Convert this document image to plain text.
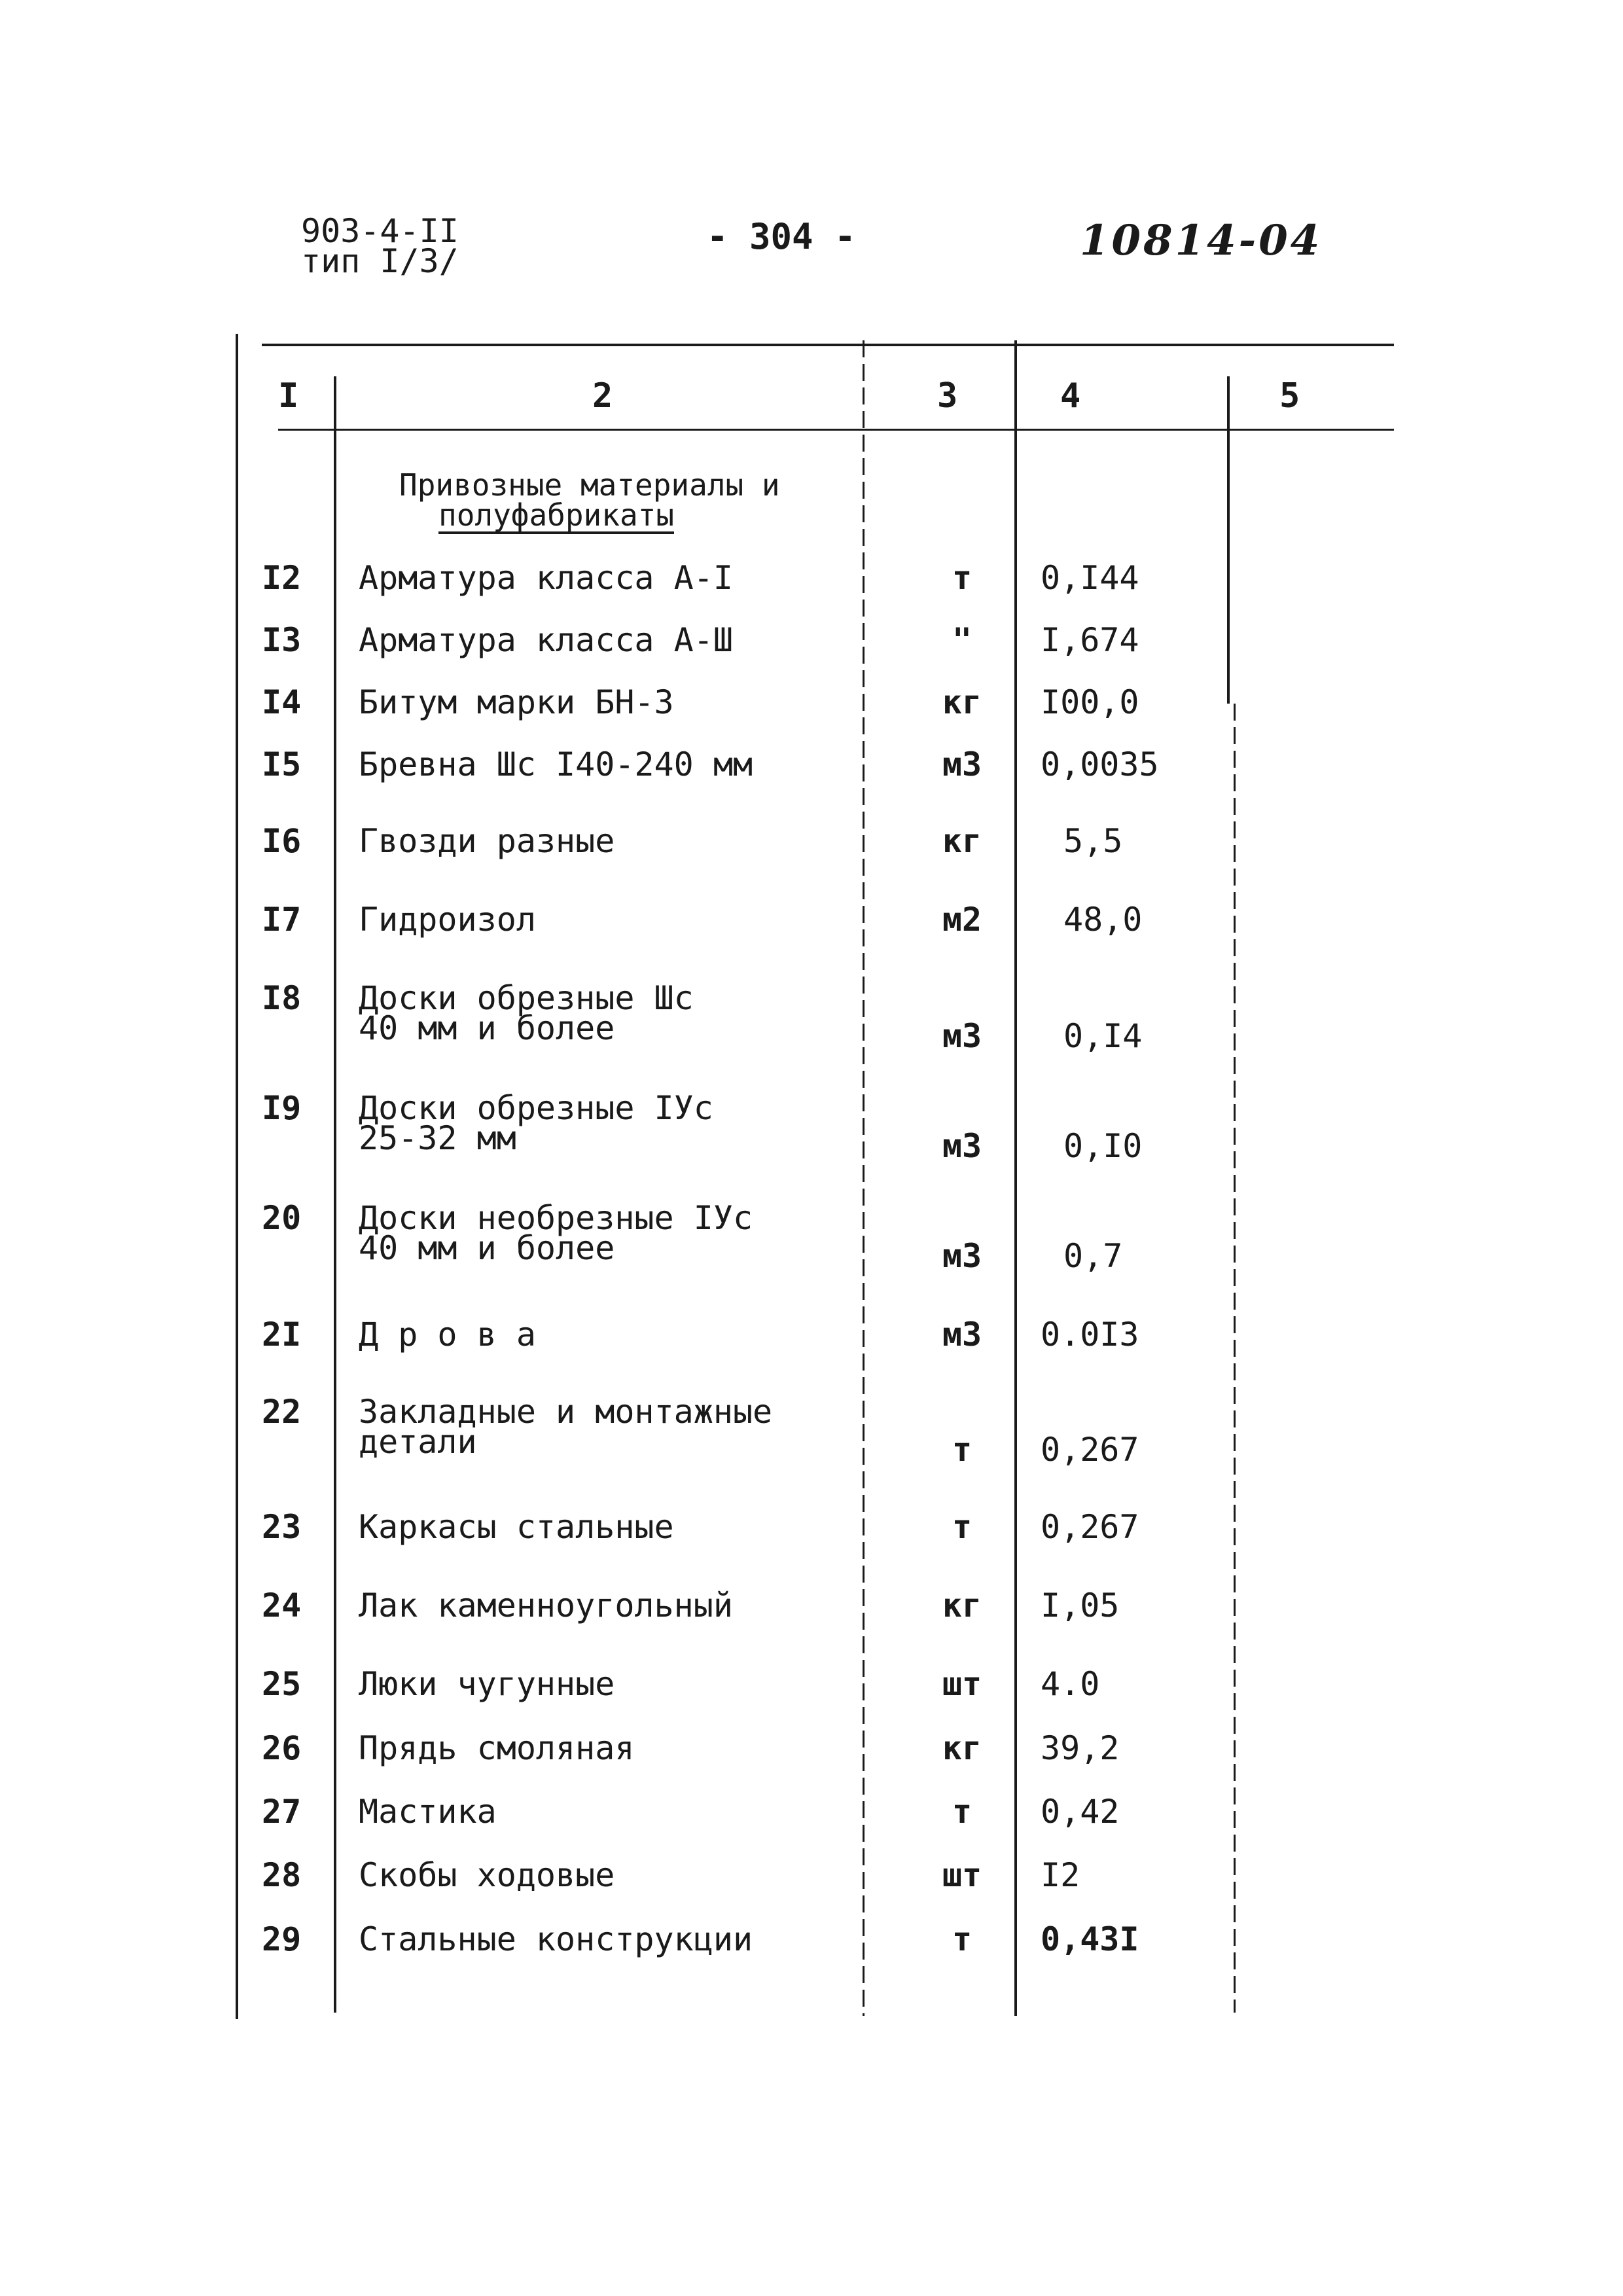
903-4-II
тип I/3/
- 304 -	10814-04
I	2	3	4	5
Привозные материалы и
полуфабрикаты
I2 Арматура класса А-I	т	0,I44
I3 Арматура класса А-Ш	"	I,674
I4 Битум марки БН-3	кг	I00,0
I5 Бревна Шс I40-240 мм	м3	0,0035
I6 Гвозди разные	кг	5,5
I7 Гидроизол	м2	48,0
I8 Доски обрезные Шс
40 мм и более	м3	0,I4
I9 Доски обрезные IУс
25-32 мм	м3	0,I0
20 Доски необрезные IУс
40 мм и более	м3	0,7
2I Д р о в а	м3	0.0I3
22 Закладные и монтажные
детали	т	0,267
23 Каркасы стальные	т	0,267
24 Лак каменноугольный	кг	I,05
25 Люки чугунные	шт	4.0
26 Прядь смоляная	кг	39,2
27 Мастика	т	0,42
28 Скобы ходовые	шт	I2
29 Стальные конструкции	т	0,43I
